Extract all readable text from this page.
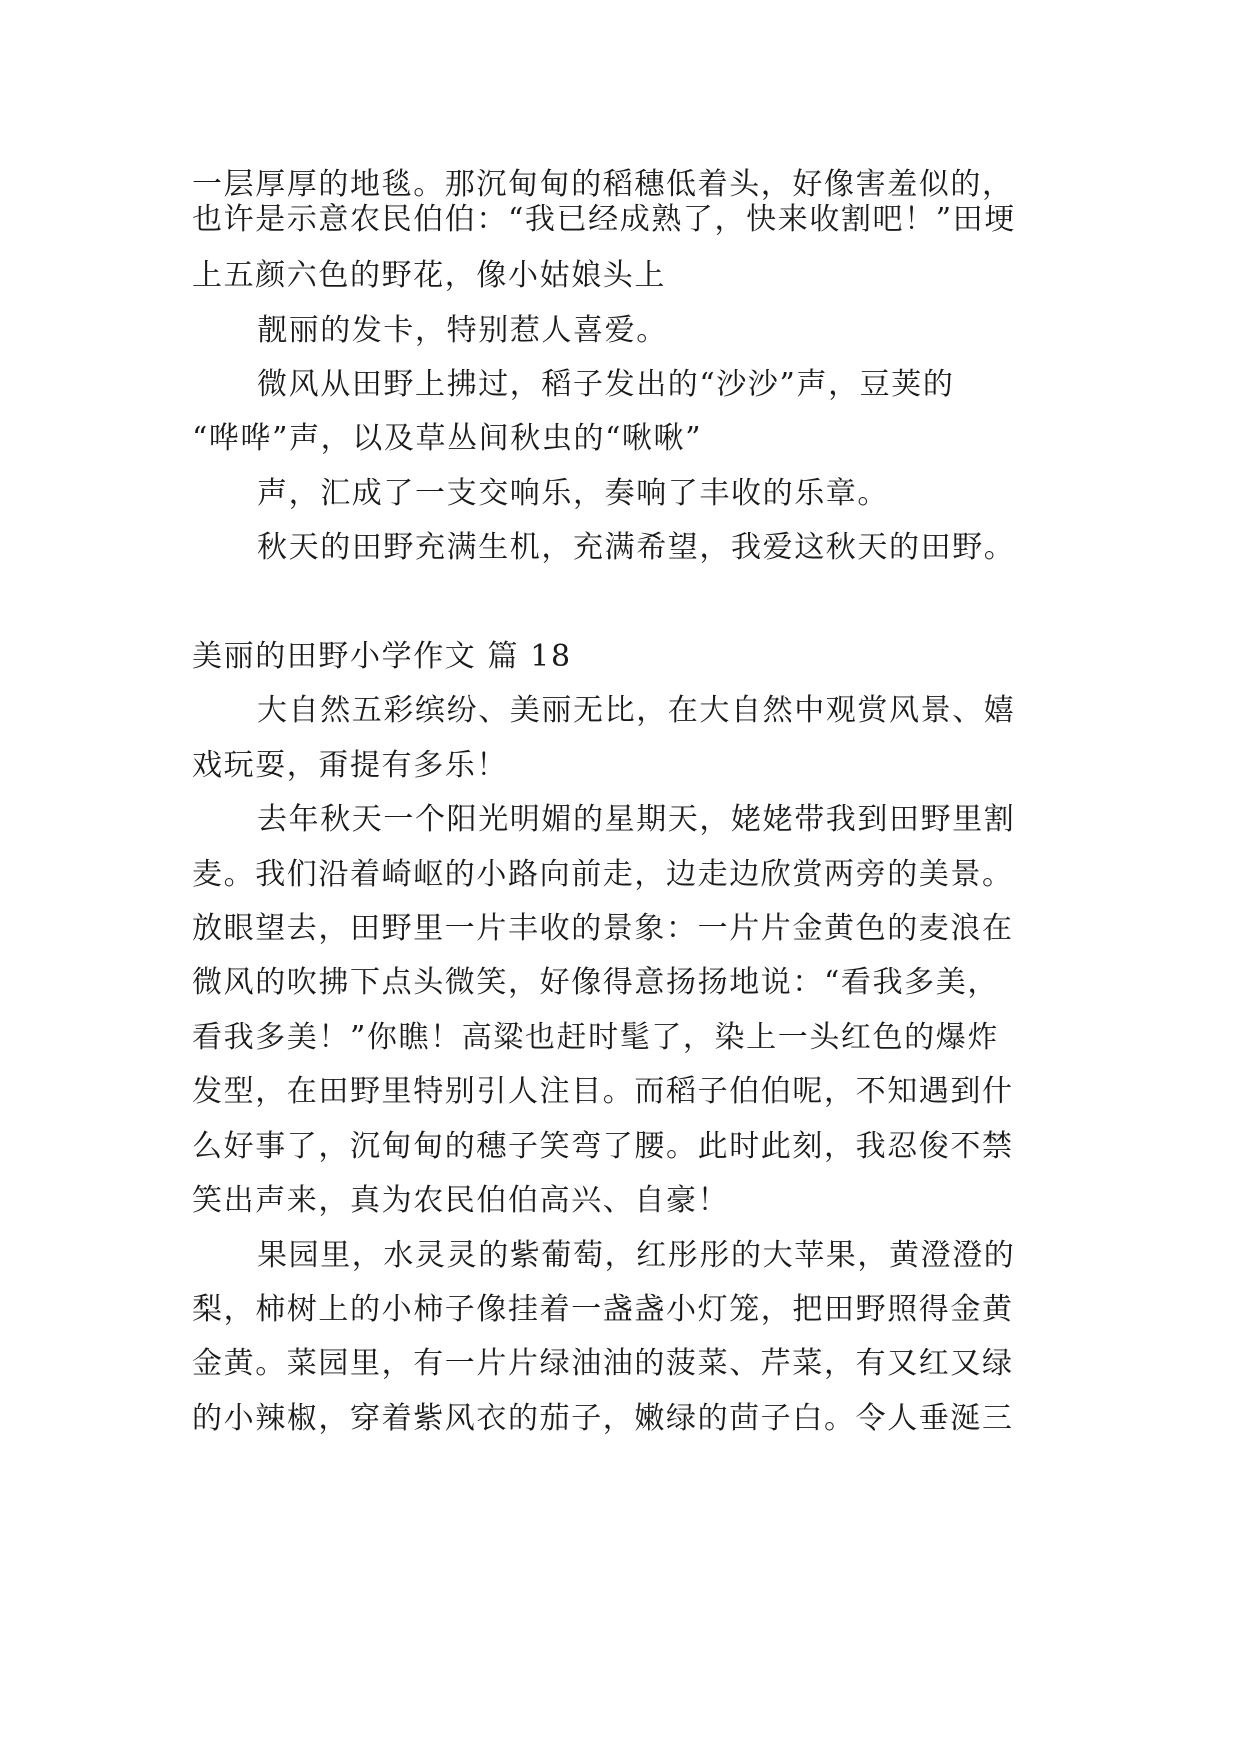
一层厚厚的地毯。那沉甸甸的稻穗低着头，好像害羞似的，
也许是示意农民伯伯：“我已经成熟了，快来收割吧！”田埂
上五颜六色的野花，像小姑娘头上
靓丽的发卡，特别惹人喜爱。
微风从田野上拂过，稻子发出的“沙沙”声，豆荚的
“哗哗”声，以及草丛间秋虫的“啾啾”
声，汇成了一支交响乐，奏响了丰收的乐章。
秋天的田野充满生机，充满希望，我爱这秋天的田野。
美丽的田野小学作文 篇 18
大自然五彩缤纷、美丽无比，在大自然中观赏风景、嬉
戏玩耍，甭提有多乐！
去年秋天一个阳光明媚的星期天，姥姥带我到田野里割
麦。我们沿着崎岖的小路向前走，边走边欣赏两旁的美景。
放眼望去，田野里一片丰收的景象：一片片金黄色的麦浪在
微风的吹拂下点头微笑，好像得意扬扬地说：“看我多美，
看我多美！”你瞧！高粱也赶时髦了，染上一头红色的爆炸
发型，在田野里特别引人注目。而稻子伯伯呢，不知遇到什
么好事了，沉甸甸的穗子笑弯了腰。此时此刻，我忍俊不禁
笑出声来，真为农民伯伯高兴、自豪！
果园里，水灵灵的紫葡萄，红彤彤的大苹果，黄澄澄的
梨，柿树上的小柿子像挂着一盏盏小灯笼，把田野照得金黄
金黄。菜园里，有一片片绿油油的菠菜、芹菜，有又红又绿
的小辣椒，穿着紫风衣的茄子，嫩绿的茴子白。令人垂涎三
